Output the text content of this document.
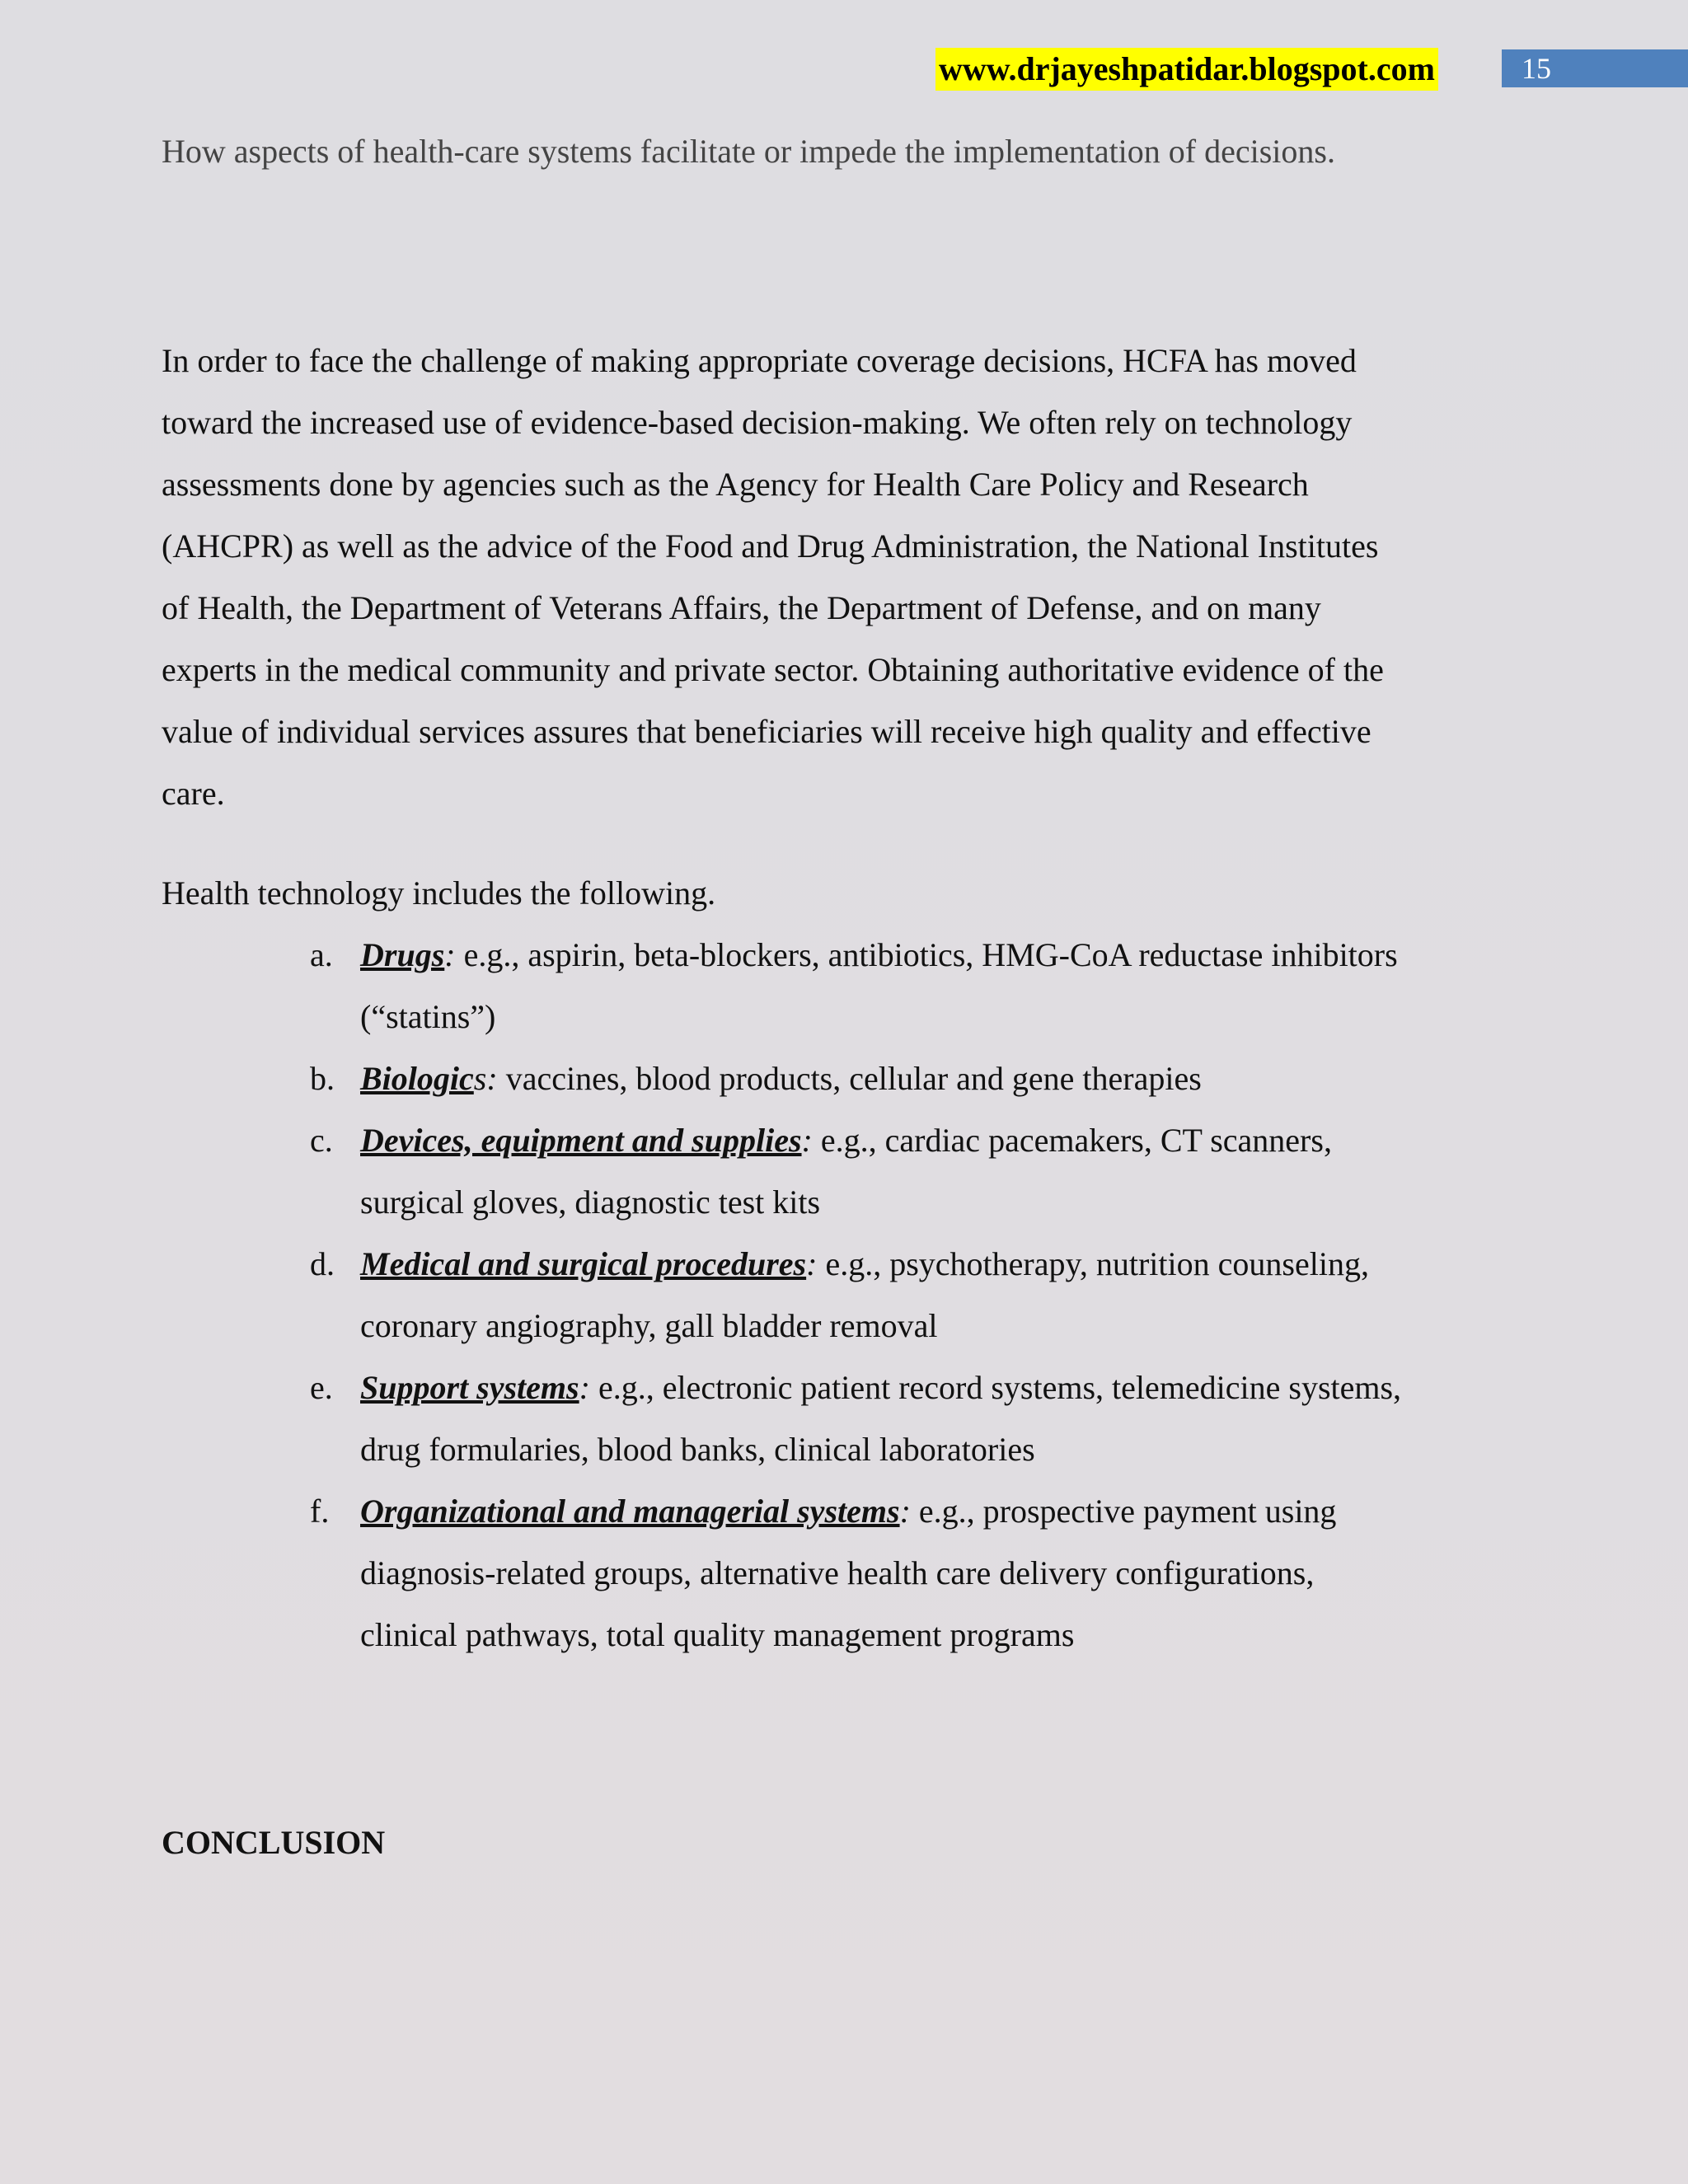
www.drjayeshpatidar.blogspot.com	15
How aspects of health-care systems facilitate or impede the implementation of decisions.
In order to face the challenge of making appropriate coverage decisions, HCFA has moved
toward the increased use of evidence-based decision-making. We often rely on technology
assessments done by agencies such as the Agency for Health Care Policy and Research
(AHCPR) as well as the advice of the Food and Drug Administration, the National Institutes
of Health, the Department of Veterans Affairs, the Department of Defense, and on many
experts in the medical community and private sector. Obtaining authoritative evidence of the
value of individual services assures that beneficiaries will receive high quality and effective
care.
Health technology includes the following.
a. Drugs: e.g., aspirin, beta-blockers, antibiotics, HMG-CoA reductase inhibitors
(“statins”)
b. Biologics: vaccines, blood products, cellular and gene therapies
c. Devices, equipment and supplies: e.g., cardiac pacemakers, CT scanners,
surgical gloves, diagnostic test kits
d. Medical and surgical procedures: e.g., psychotherapy, nutrition counseling,
coronary angiography, gall bladder removal
e. Support systems: e.g., electronic patient record systems, telemedicine systems,
drug formularies, blood banks, clinical laboratories
f. Organizational and managerial systems: e.g., prospective payment using
diagnosis-related groups, alternative health care delivery configurations,
clinical pathways, total quality management programs
CONCLUSION
